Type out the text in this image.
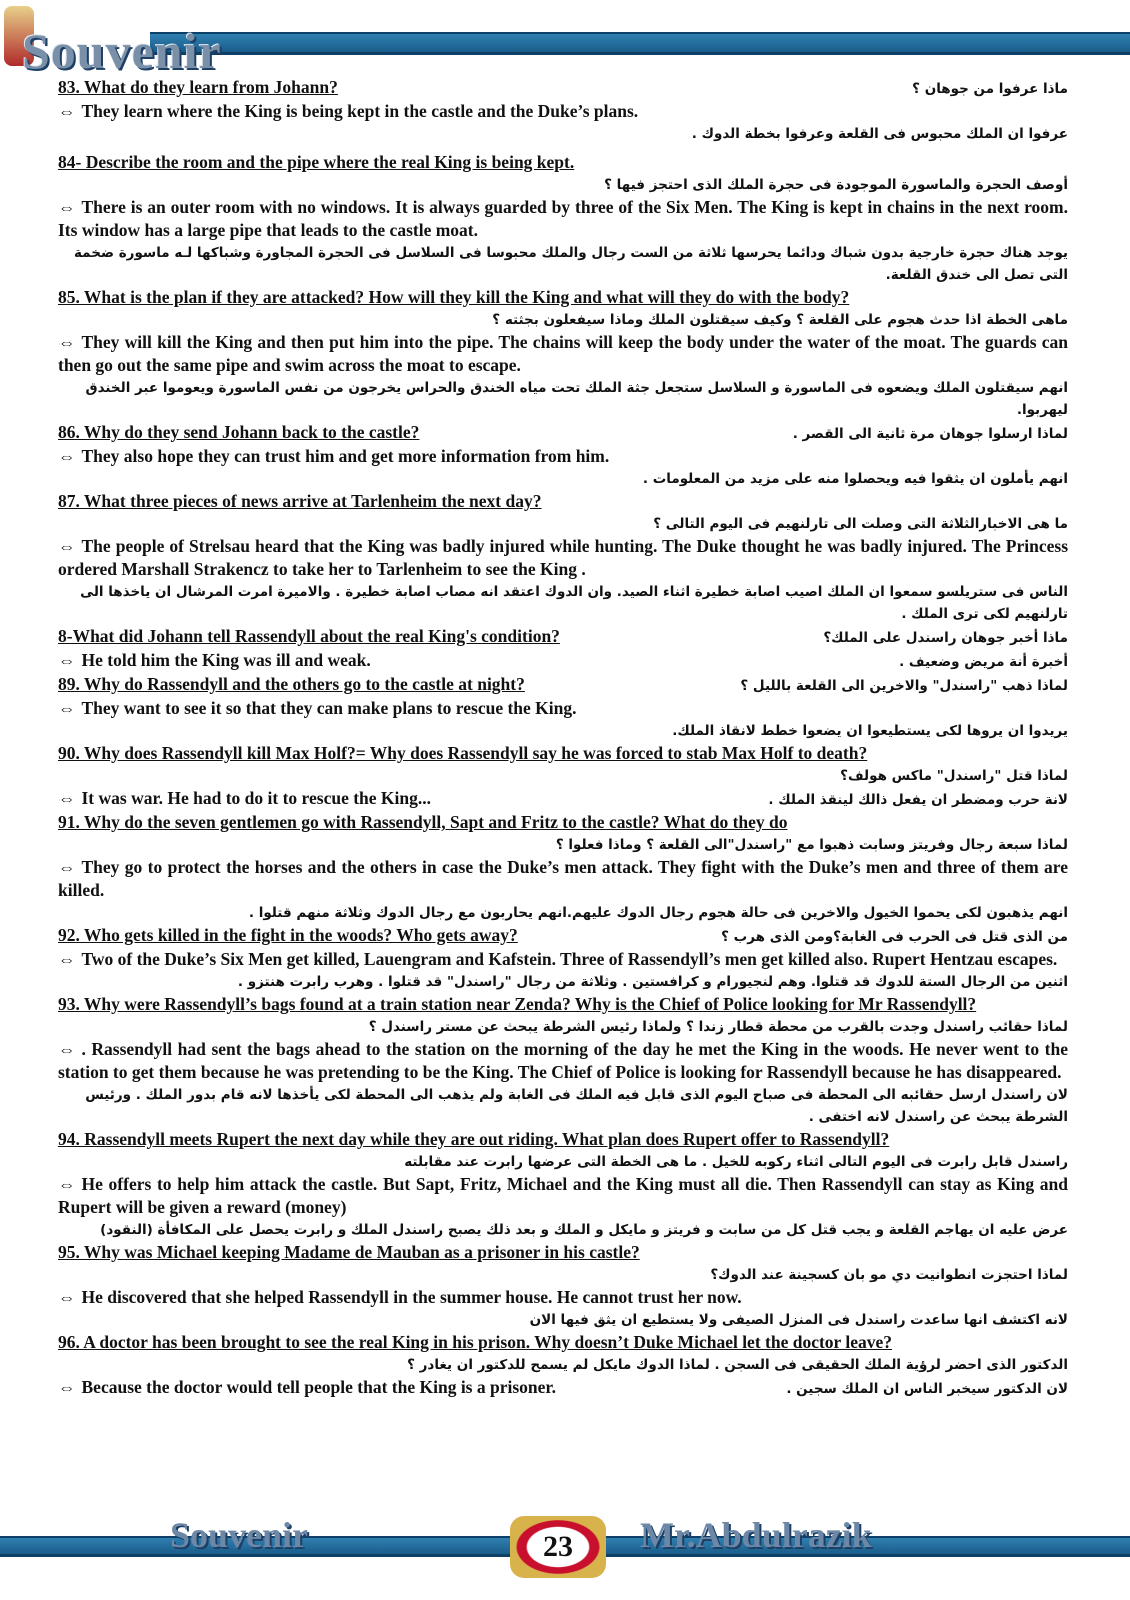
Souvenir
83. What do they learn from Johann?	ماذا عرفوا من جوهان ؟
⇔ They learn where the King is being kept in the castle and the Duke’s plans.
عرفوا ان الملك محبوس فى القلعة وعرفوا بخطة الدوك .
84- Describe the room and the pipe where the real King is being kept.
أوصف الحجرة والماسورة الموجودة فى حجرة الملك الذى احتجز فيها ؟
⇔ There is an outer room with no windows. It is always guarded by three of the Six Men. The King is kept in chains in the next room. Its window has a large pipe that leads to the castle moat.
يوجد هناك حجرة خارجية بدون شباك ودائما يحرسها ثلاثة من الست رجال والملك محبوسا فى السلاسل فى الحجرة المجاورة وشباكها لـه ماسورة ضخمة التى تصل الى خندق القلعة.
85. What is the plan if they are attacked? How will they kill the King and what will they do with the body?
ماهى الخطة اذا حدث هجوم على القلعة ؟ وكيف سيقتلون الملك وماذا سيفعلون بجثته ؟
⇔ They will kill the King and then put him into the pipe. The chains will keep the body under the water of the moat. The guards can then go out the same pipe and swim across the moat to escape.
انهم سيقتلون الملك ويضعوه فى الماسورة و السلاسل ستجعل جثة الملك تحت مياه الخندق والحراس يخرجون من نفس الماسورة ويعوموا عبر الخندق ليهربوا.
86. Why do they send Johann back to the castle?	لماذا ارسلوا جوهان مرة ثانية الى القصر .
⇔ They also hope they can trust him and get more information from him.
انهم يأملون ان يثقوا فيه ويحصلوا منه على مزيد من المعلومات .
87. What three pieces of news arrive at Tarlenheim the next day?
ما هى الاخبارالثلاثة التى وصلت الى تارلنهيم فى اليوم التالى ؟
⇔ The people of Strelsau heard that the King was badly injured while hunting. The Duke thought he was badly injured. The Princess ordered Marshall Strakencz to take her to Tarlenheim to see the King .
الناس فى ستريلسو سمعوا ان الملك اصيب اصابة خطيرة اثناء الصيد. وان الدوك اعتقد انه مصاب اصابة خطيرة . والاميرة امرت المرشال ان ياخذها الى تارلنهيم لكى ترى الملك .
8-What did Johann tell Rassendyll about the real King's condition?	ماذا أخبر جوهان راسندل على الملك؟
⇔ He told him the King was ill and weak.	أخبرة أنة مريض وضعيف .
89. Why do Rassendyll and the others go to the castle at night?	لماذا ذهب "راسندل" والاخرين الى القلعة بالليل ؟
⇔ They want to see it so that they can make plans to rescue the King.
يريدوا ان يروها لكى يستطيعوا ان يضعوا خطط لانقاذ الملك.
90. Why does Rassendyll kill Max Holf?= Why does Rassendyll say he was forced to stab Max Holf to death?
لماذا قتل "راسندل" ماكس هولف؟
⇔ It was war. He had to do it to rescue the King...	لانة حرب ومضطر ان يفعل ذالك لينقذ الملك .
91. Why do the seven gentlemen go with Rassendyll, Sapt and Fritz to the castle? What do they do
لماذا سبعة رجال وفريتز وسابت ذهبوا مع "راسندل"الى القلعة ؟ وماذا فعلوا ؟
⇔ They go to protect the horses and the others in case the Duke’s men attack. They fight with the Duke’s men and three of them are killed.
انهم يذهبون لكى يحموا الخيول والاخرين فى حالة هجوم رجال الدوك عليهم.انهم يحاربون مع رجال الدوك وثلاثة منهم قتلوا .
92. Who gets killed in the fight in the woods? Who gets away?	من الذى قتل فى الحرب فى الغابة؟ومن الذى هرب ؟
⇔ Two of the Duke’s Six Men get killed, Lauengram and Kafstein. Three of Rassendyll’s men get killed also. Rupert Hentzau escapes.
اثنين من الرجال الستة للدوك قد قتلوا. وهم لنجيورام و كرافستين . وثلاثة من رجال "راسندل" قد قتلوا . وهرب رابرت هنتزو .
93. Why were Rassendyll’s bags found at a train station near Zenda? Why is the Chief of Police looking for Mr Rassendyll?
لماذا حقائب راسندل وجدت بالقرب من محطة قطار زندا ؟ ولماذا رئيس الشرطة يبحث عن مستر راسندل ؟
⇔ . Rassendyll had sent the bags ahead to the station on the morning of the day he met the King in the woods. He never went to the station to get them because he was pretending to be the King. The Chief of Police is looking for Rassendyll because he has disappeared.
لان راسندل ارسل حقائبه الى المحطة فى صباح اليوم الذى قابل فيه الملك فى الغابة ولم يذهب الى المحطة لكى يأخذها لانه قام بدور الملك . ورئيس الشرطة يبحث عن راسندل لانه اختفى .
94. Rassendyll meets Rupert the next day while they are out riding. What plan does Rupert offer to Rassendyll?
راسندل قابل رابرت فى اليوم التالى اثناء ركوبه للخيل . ما هى الخطة التى عرضها رابرت عند مقابلته
⇔ He offers to help him attack the castle. But Sapt, Fritz, Michael and the King must all die. Then Rassendyll can stay as King and Rupert will be given a reward (money)
عرض عليه ان يهاجم القلعة و يجب قتل كل من سابت و فريتز و مايكل و الملك و بعد ذلك يصبح راسندل الملك و رابرت يحصل على المكافأة (النقود)
95. Why was Michael keeping Madame de Mauban as a prisoner in his castle?
لماذا احتجزت انطوانيت دي مو بان كسجينة عند الدوك؟
⇔ He discovered that she helped Rassendyll in the summer house. He cannot trust her now.
لانه اكتشف انها ساعدت راسندل فى المنزل الصيفى ولا يستطيع ان يثق فيها الان
96. A doctor has been brought to see the real King in his prison. Why doesn’t Duke Michael let the doctor leave?
الدكتور الذى احضر لرؤية الملك الحقيقى فى السجن . لماذا الدوك مايكل لم يسمح للدكتور ان يغادر ؟
⇔ Because the doctor would tell people that the King is a prisoner.	لان الدكتور سيخبر الناس ان الملك سجين .
Souvenir	23	Mr.Abdulrazik
